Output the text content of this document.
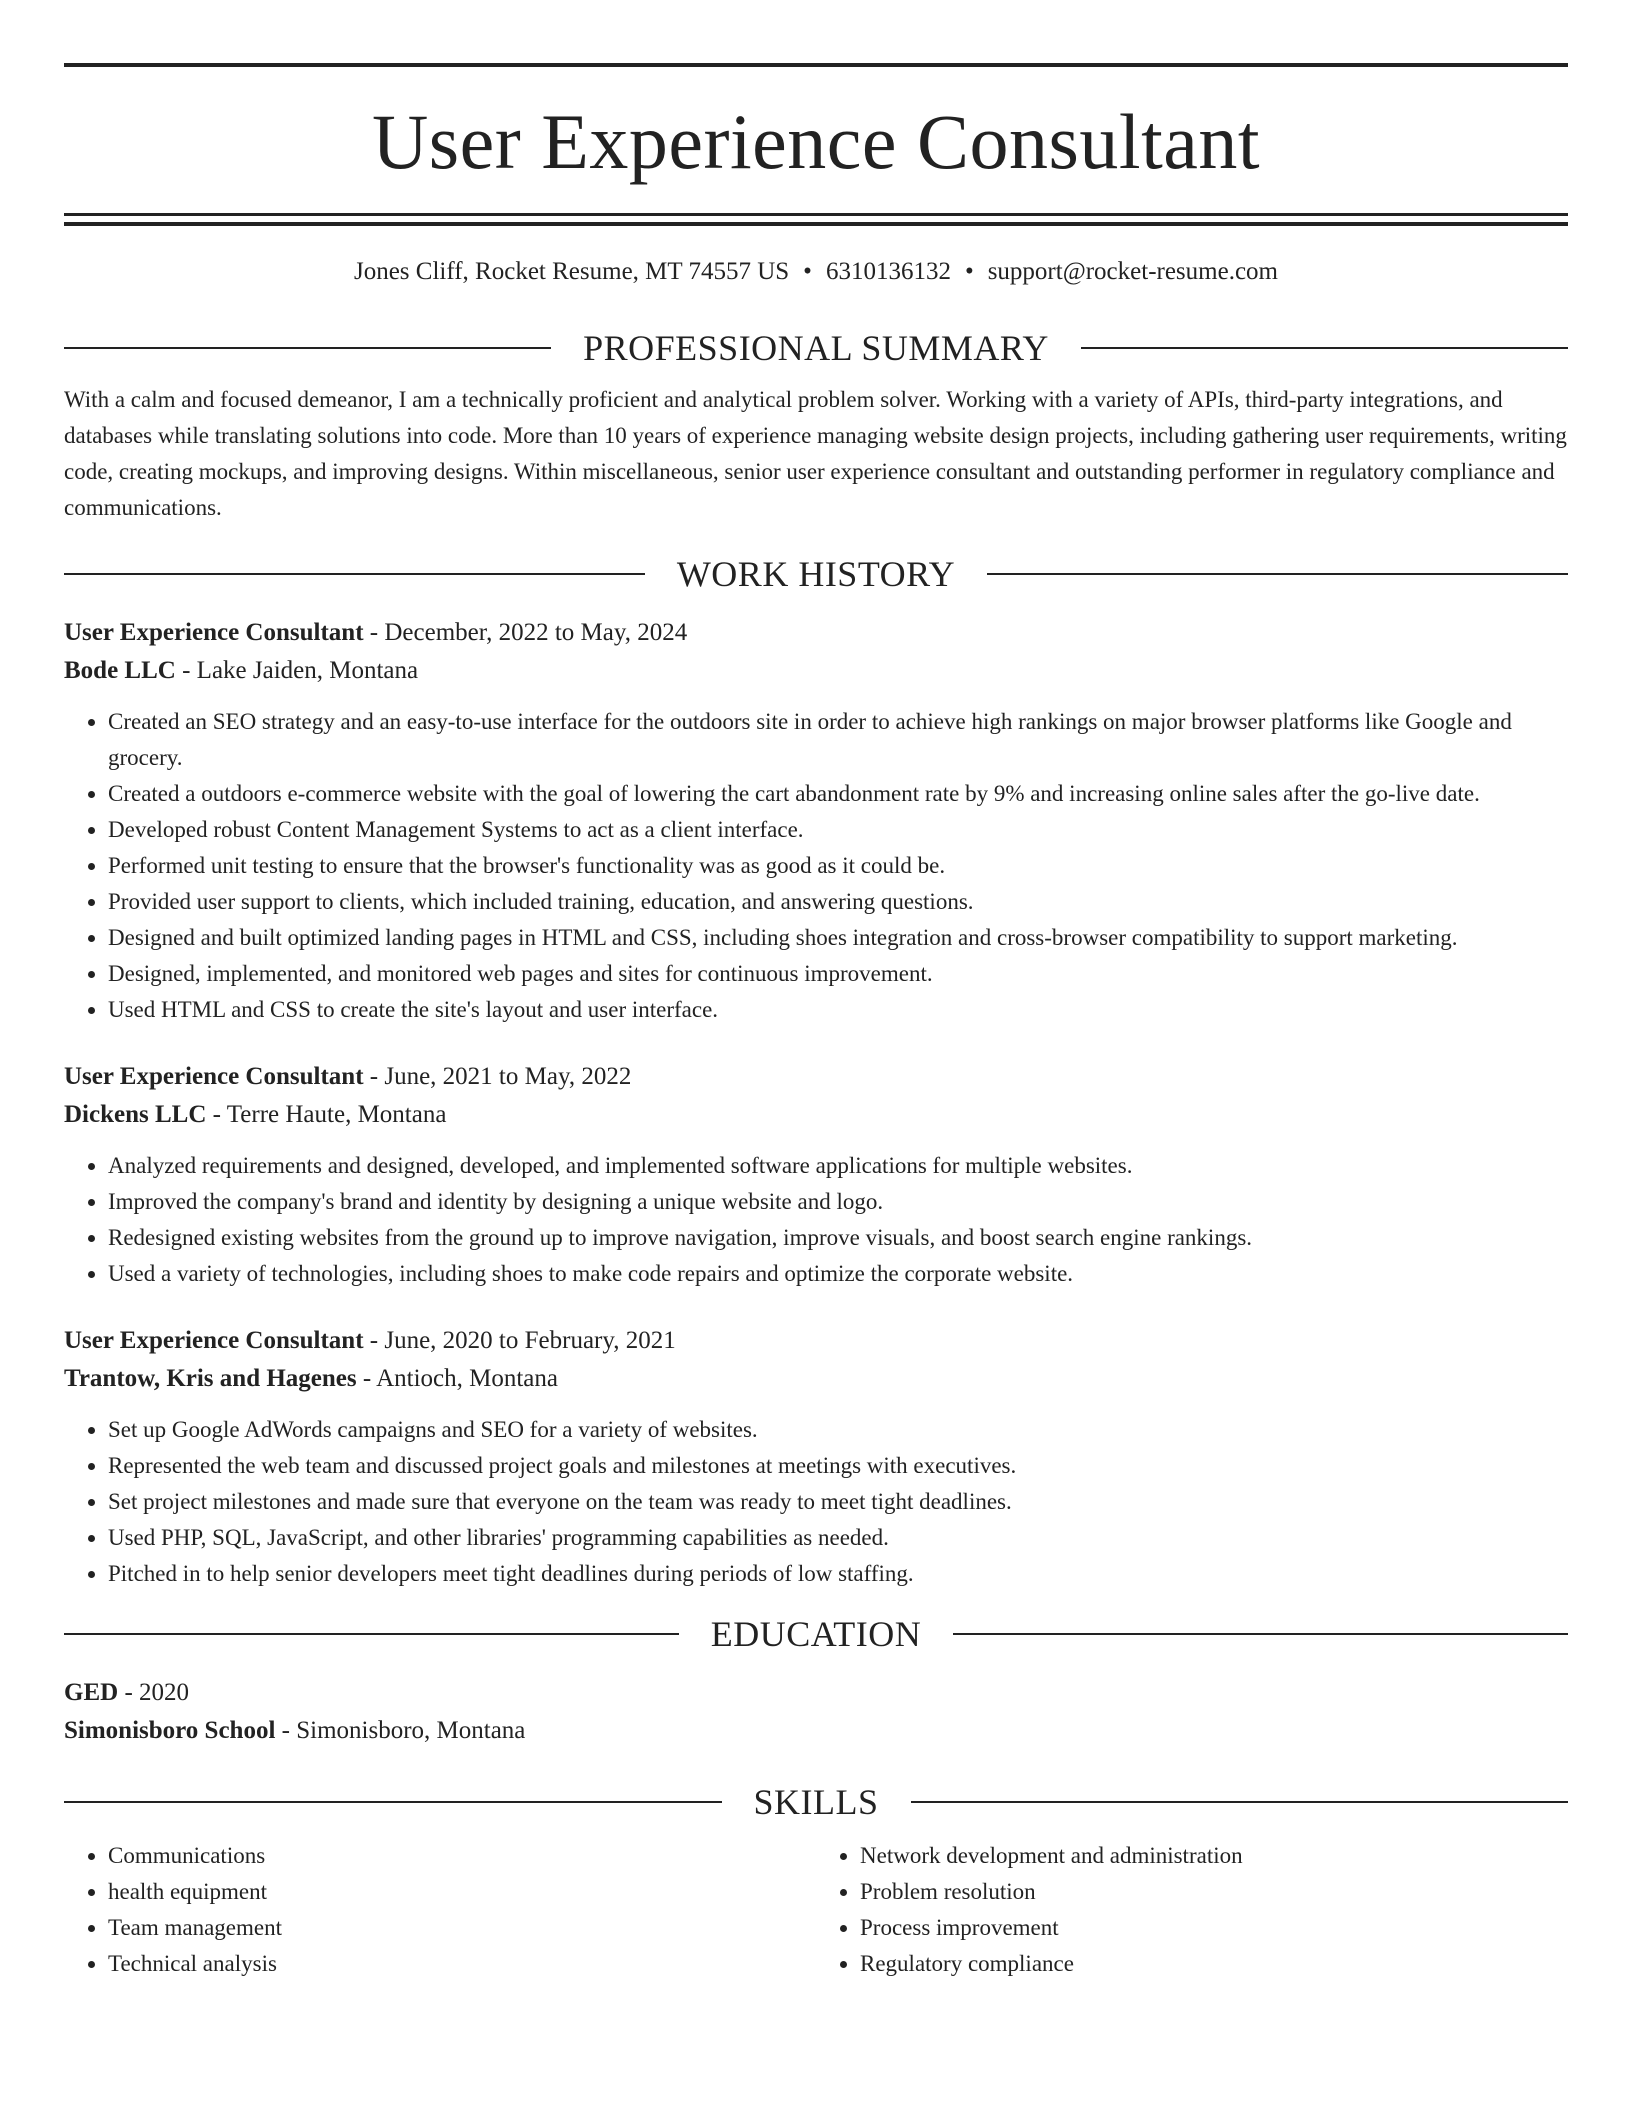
User Experience Consultant
Jones Cliff, Rocket Resume, MT 74557 US • 6310136132 • support@rocket-resume.com
PROFESSIONAL SUMMARY
With a calm and focused demeanor, I am a technically proficient and analytical problem solver. Working with a variety of APIs, third-party integrations, and databases while translating solutions into code. More than 10 years of experience managing website design projects, including gathering user requirements, writing code, creating mockups, and improving designs. Within miscellaneous, senior user experience consultant and outstanding performer in regulatory compliance and communications.
WORK HISTORY
User Experience Consultant - December, 2022 to May, 2024
Bode LLC - Lake Jaiden, Montana
• Created an SEO strategy and an easy-to-use interface for the outdoors site in order to achieve high rankings on major browser platforms like Google and grocery.
• Created a outdoors e-commerce website with the goal of lowering the cart abandonment rate by 9% and increasing online sales after the go-live date.
• Developed robust Content Management Systems to act as a client interface.
• Performed unit testing to ensure that the browser's functionality was as good as it could be.
• Provided user support to clients, which included training, education, and answering questions.
• Designed and built optimized landing pages in HTML and CSS, including shoes integration and cross-browser compatibility to support marketing.
• Designed, implemented, and monitored web pages and sites for continuous improvement.
• Used HTML and CSS to create the site's layout and user interface.
User Experience Consultant - June, 2021 to May, 2022
Dickens LLC - Terre Haute, Montana
• Analyzed requirements and designed, developed, and implemented software applications for multiple websites.
• Improved the company's brand and identity by designing a unique website and logo.
• Redesigned existing websites from the ground up to improve navigation, improve visuals, and boost search engine rankings.
• Used a variety of technologies, including shoes to make code repairs and optimize the corporate website.
User Experience Consultant - June, 2020 to February, 2021
Trantow, Kris and Hagenes - Antioch, Montana
• Set up Google AdWords campaigns and SEO for a variety of websites.
• Represented the web team and discussed project goals and milestones at meetings with executives.
• Set project milestones and made sure that everyone on the team was ready to meet tight deadlines.
• Used PHP, SQL, JavaScript, and other libraries' programming capabilities as needed.
• Pitched in to help senior developers meet tight deadlines during periods of low staffing.
EDUCATION
GED - 2020
Simonisboro School - Simonisboro, Montana
SKILLS
• Communications
• health equipment
• Team management
• Technical analysis
• Network development and administration
• Problem resolution
• Process improvement
• Regulatory compliance
